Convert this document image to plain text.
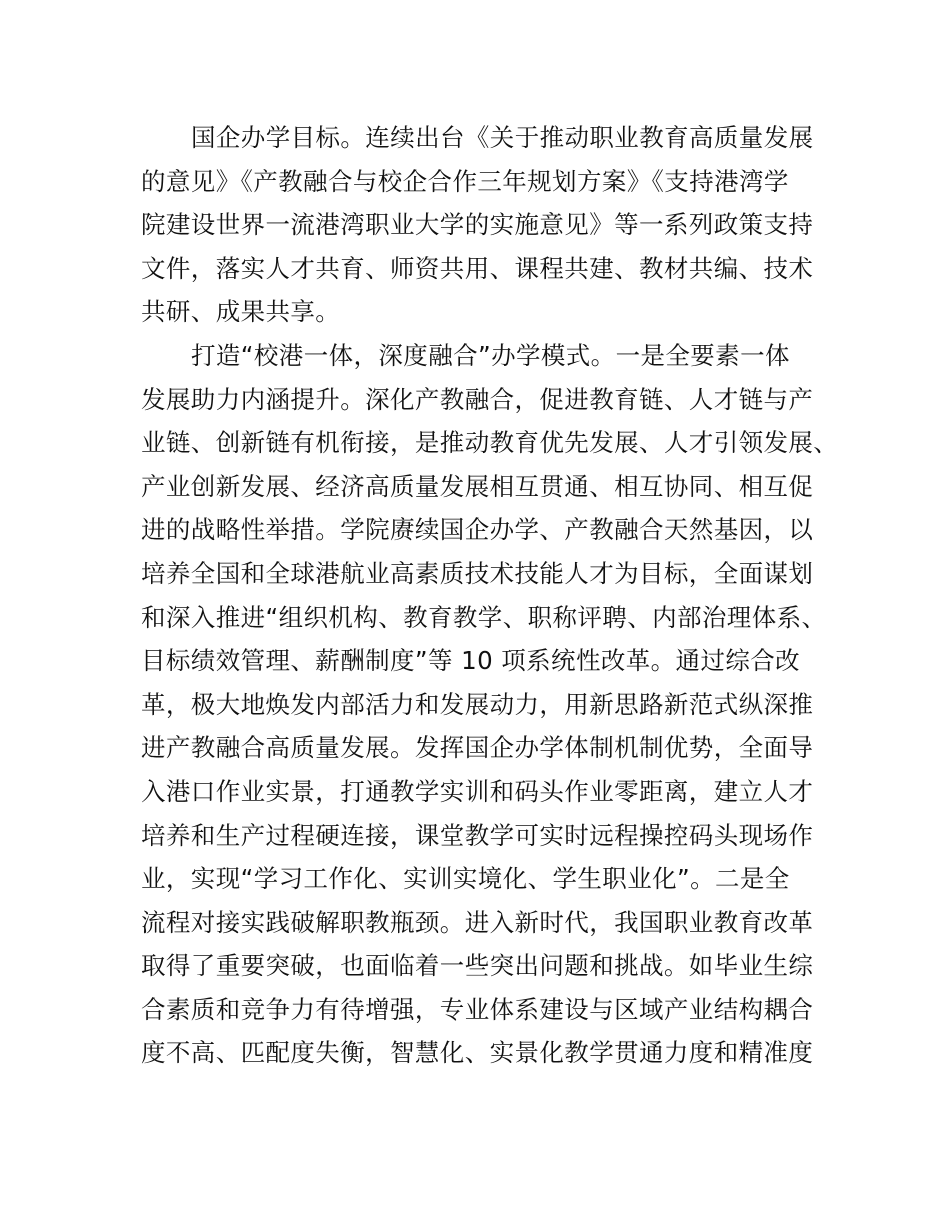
国企办学目标。连续出台《关于推动职业教育高质量发展
的意见》《产教融合与校企合作三年规划方案》《支持港湾学
院建设世界一流港湾职业大学的实施意见》等一系列政策支持
文件，落实人才共育、师资共用、课程共建、教材共编、技术
共研、成果共享。

打造“校港一体，深度融合”办学模式。一是全要素一体
发展助力内涵提升。深化产教融合，促进教育链、人才链与产
业链、创新链有机衔接，是推动教育优先发展、人才引领发展、
产业创新发展、经济高质量发展相互贯通、相互协同、相互促
进的战略性举措。学院赓续国企办学、产教融合天然基因，以
培养全国和全球港航业高素质技术技能人才为目标，全面谋划
和深入推进“组织机构、教育教学、职称评聘、内部治理体系、
目标绩效管理、薪酬制度”等 10 项系统性改革。通过综合改
革，极大地焕发内部活力和发展动力，用新思路新范式纵深推
进产教融合高质量发展。发挥国企办学体制机制优势，全面导
入港口作业实景，打通教学实训和码头作业零距离，建立人才
培养和生产过程硬连接，课堂教学可实时远程操控码头现场作
业，实现“学习工作化、实训实境化、学生职业化”。二是全
流程对接实践破解职教瓶颈。进入新时代，我国职业教育改革
取得了重要突破，也面临着一些突出问题和挑战。如毕业生综
合素质和竞争力有待增强，专业体系建设与区域产业结构耦合
度不高、匹配度失衡，智慧化、实景化教学贯通力度和精准度
